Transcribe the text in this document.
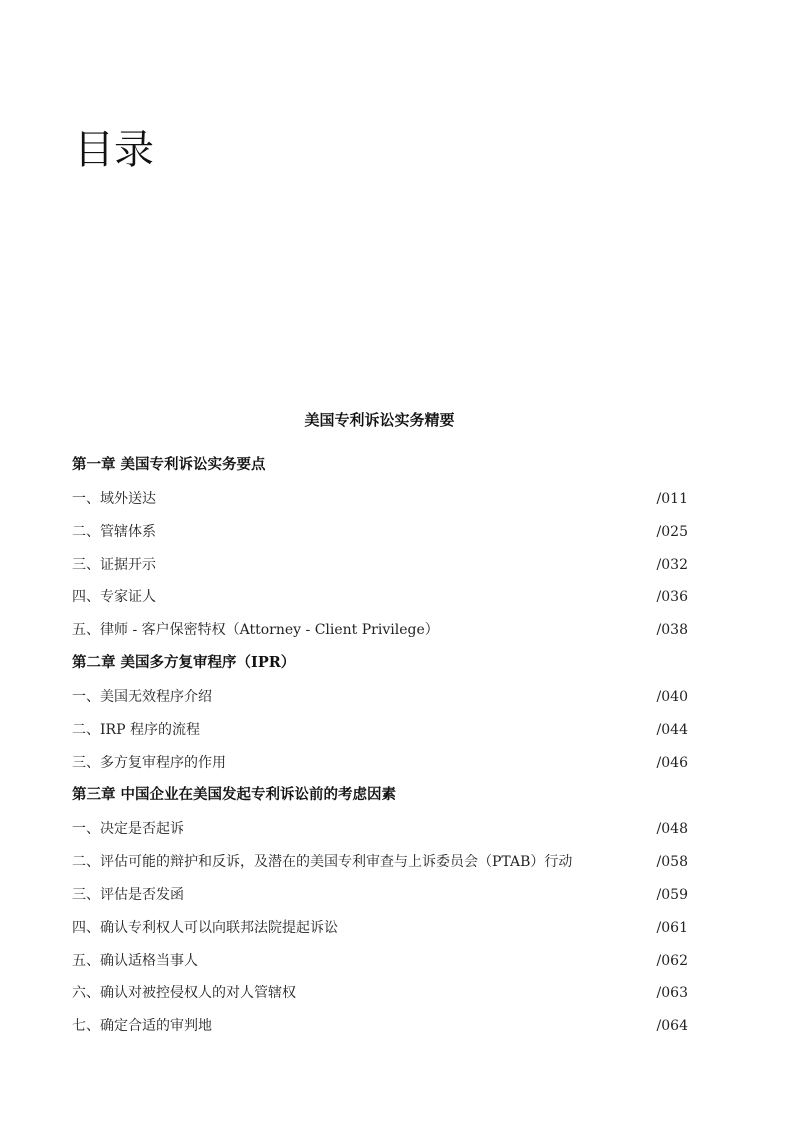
目录
美国专利诉讼实务精要
第一章 美国专利诉讼实务要点
一、域外送达	/011
二、管辖体系	/025
三、证据开示	/032
四、专家证人	/036
五、律师 - 客户保密特权（Attorney - Client Privilege）	/038
第二章 美国多方复审程序（IPR）
一、美国无效程序介绍	/040
二、IRP 程序的流程	/044
三、多方复审程序的作用	/046
第三章 中国企业在美国发起专利诉讼前的考虑因素
一、决定是否起诉	/048
二、评估可能的辩护和反诉，及潜在的美国专利审查与上诉委员会（PTAB）行动	/058
三、评估是否发函	/059
四、确认专利权人可以向联邦法院提起诉讼	/061
五、确认适格当事人	/062
六、确认对被控侵权人的对人管辖权	/063
七、确定合适的审判地	/064
